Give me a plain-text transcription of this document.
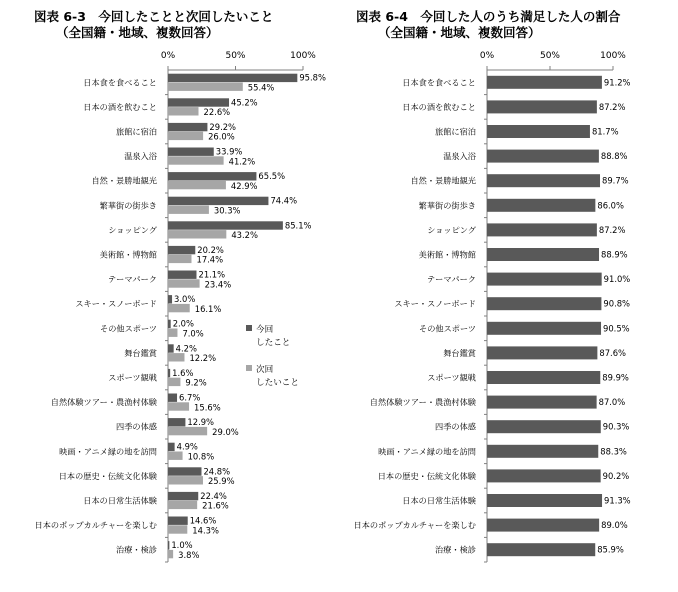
図表 6-3　今回したことと次回したいこと
（全国籍・地域、複数回答）
図表 6-4　今回した人のうち満足した人の割合
（全国籍・地域、複数回答）
0%	50%	100%
日本食を食べること	95.8%
55.4%
日本の酒を飲むこと	45.2%
22.6%
旅館に宿泊	29.2%
26.0%
温泉入浴	33.9%
41.2%
自然・景勝地観光	65.5%
42.9%
繁華街の街歩き	74.4%
30.3%
ショッピング	85.1%
43.2%
美術館・博物館	20.2%
17.4%
テーマパーク	21.1%
23.4%
スキー・スノーボード 3.0%
16.1%
その他スポーツ 2.0%
7.0%
舞台鑑賞 4.2%
12.2%
スポーツ観戦 1.6%
9.2%
自然体験ツアー・農漁村体験	6.7%
15.6%
四季の体感	12.9%
29.0%
映画・アニメ縁の地を訪問 4.9%
10.8%
日本の歴史・伝統文化体験	24.8%
25.9%
日本の日常生活体験	22.4%
21.6%
日本のポップカルチャーを楽しむ	14.6%
14.3%
治療・検診 1.0%
3.8%
今回
したこと
次回
したいこと
0%	50%	100%
日本食を食べること	91.2%
日本の酒を飲むこと	87.2%
旅館に宿泊	81.7%
温泉入浴	88.8%
自然・景勝地観光	89.7%
繁華街の街歩き	86.0%
ショッピング	87.2%
美術館・博物館	88.9%
テーマパーク	91.0%
スキー・スノーボード	90.8%
その他スポーツ	90.5%
舞台鑑賞	87.6%
スポーツ観戦	89.9%
自然体験ツアー・農漁村体験	87.0%
四季の体感	90.3%
映画・アニメ縁の地を訪問	88.3%
日本の歴史・伝統文化体験	90.2%
日本の日常生活体験	91.3%
日本のポップカルチャーを楽しむ	89.0%
治療・検診	85.9%
